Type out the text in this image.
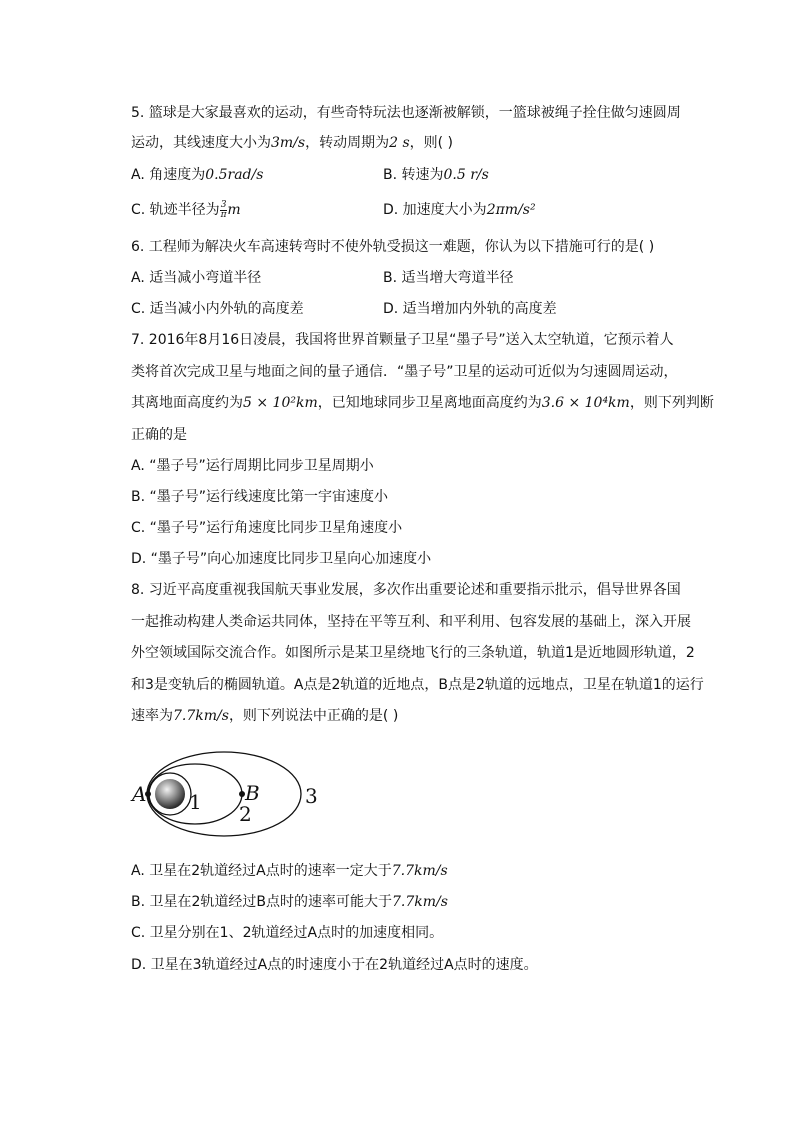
5. 篮球是大家最喜欢的运动，有些奇特玩法也逐渐被解锁，一篮球被绳子拴住做匀速圆周
运动，其线速度大小为3m/s，转动周期为2 s，则( )
A. 角速度为0.5rad/s	B. 转速为0.5 r/s
C. 轨迹半径为 $\frac{3}{\pi}$ m	D. 加速度大小为2πm/s²
6. 工程师为解决火车高速转弯时不使外轨受损这一难题，你认为以下措施可行的是( )
A. 适当减小弯道半径	B. 适当增大弯道半径
C. 适当减小内外轨的高度差	D. 适当增加内外轨的高度差
7. 2016年8月16日凌晨，我国将世界首颗量子卫星“墨子号”送入太空轨道，它预示着人
类将首次完成卫星与地面之间的量子通信．“墨子号”卫星的运动可近似为匀速圆周运动，
其离地面高度约为5 × 10²km，已知地球同步卫星离地面高度约为3.6 × 10⁴km，则下列判断
正确的是
A. “墨子号”运行周期比同步卫星周期小
B. “墨子号”运行线速度比第一宇宙速度小
C. “墨子号”运行角速度比同步卫星角速度小
D. “墨子号”向心加速度比同步卫星向心加速度小
8. 习近平高度重视我国航天事业发展，多次作出重要论述和重要指示批示，倡导世界各国
一起推动构建人类命运共同体，坚持在平等互利、和平利用、包容发展的基础上，深入开展
外空领域国际交流合作。如图所示是某卫星绕地飞行的三条轨道，轨道1是近地圆形轨道，2
和3是变轨后的椭圆轨道。A点是2轨道的近地点，B点是2轨道的远地点，卫星在轨道1的运行
速率为7.7km/s，则下列说法中正确的是( )
A	B
1 2
3
A. 卫星在2轨道经过A点时的速率一定大于7.7km/s
B. 卫星在2轨道经过B点时的速率可能大于7.7km/s
C. 卫星分别在1、2轨道经过A点时的加速度相同。
D. 卫星在3轨道经过A点的时速度小于在2轨道经过A点时的速度。
